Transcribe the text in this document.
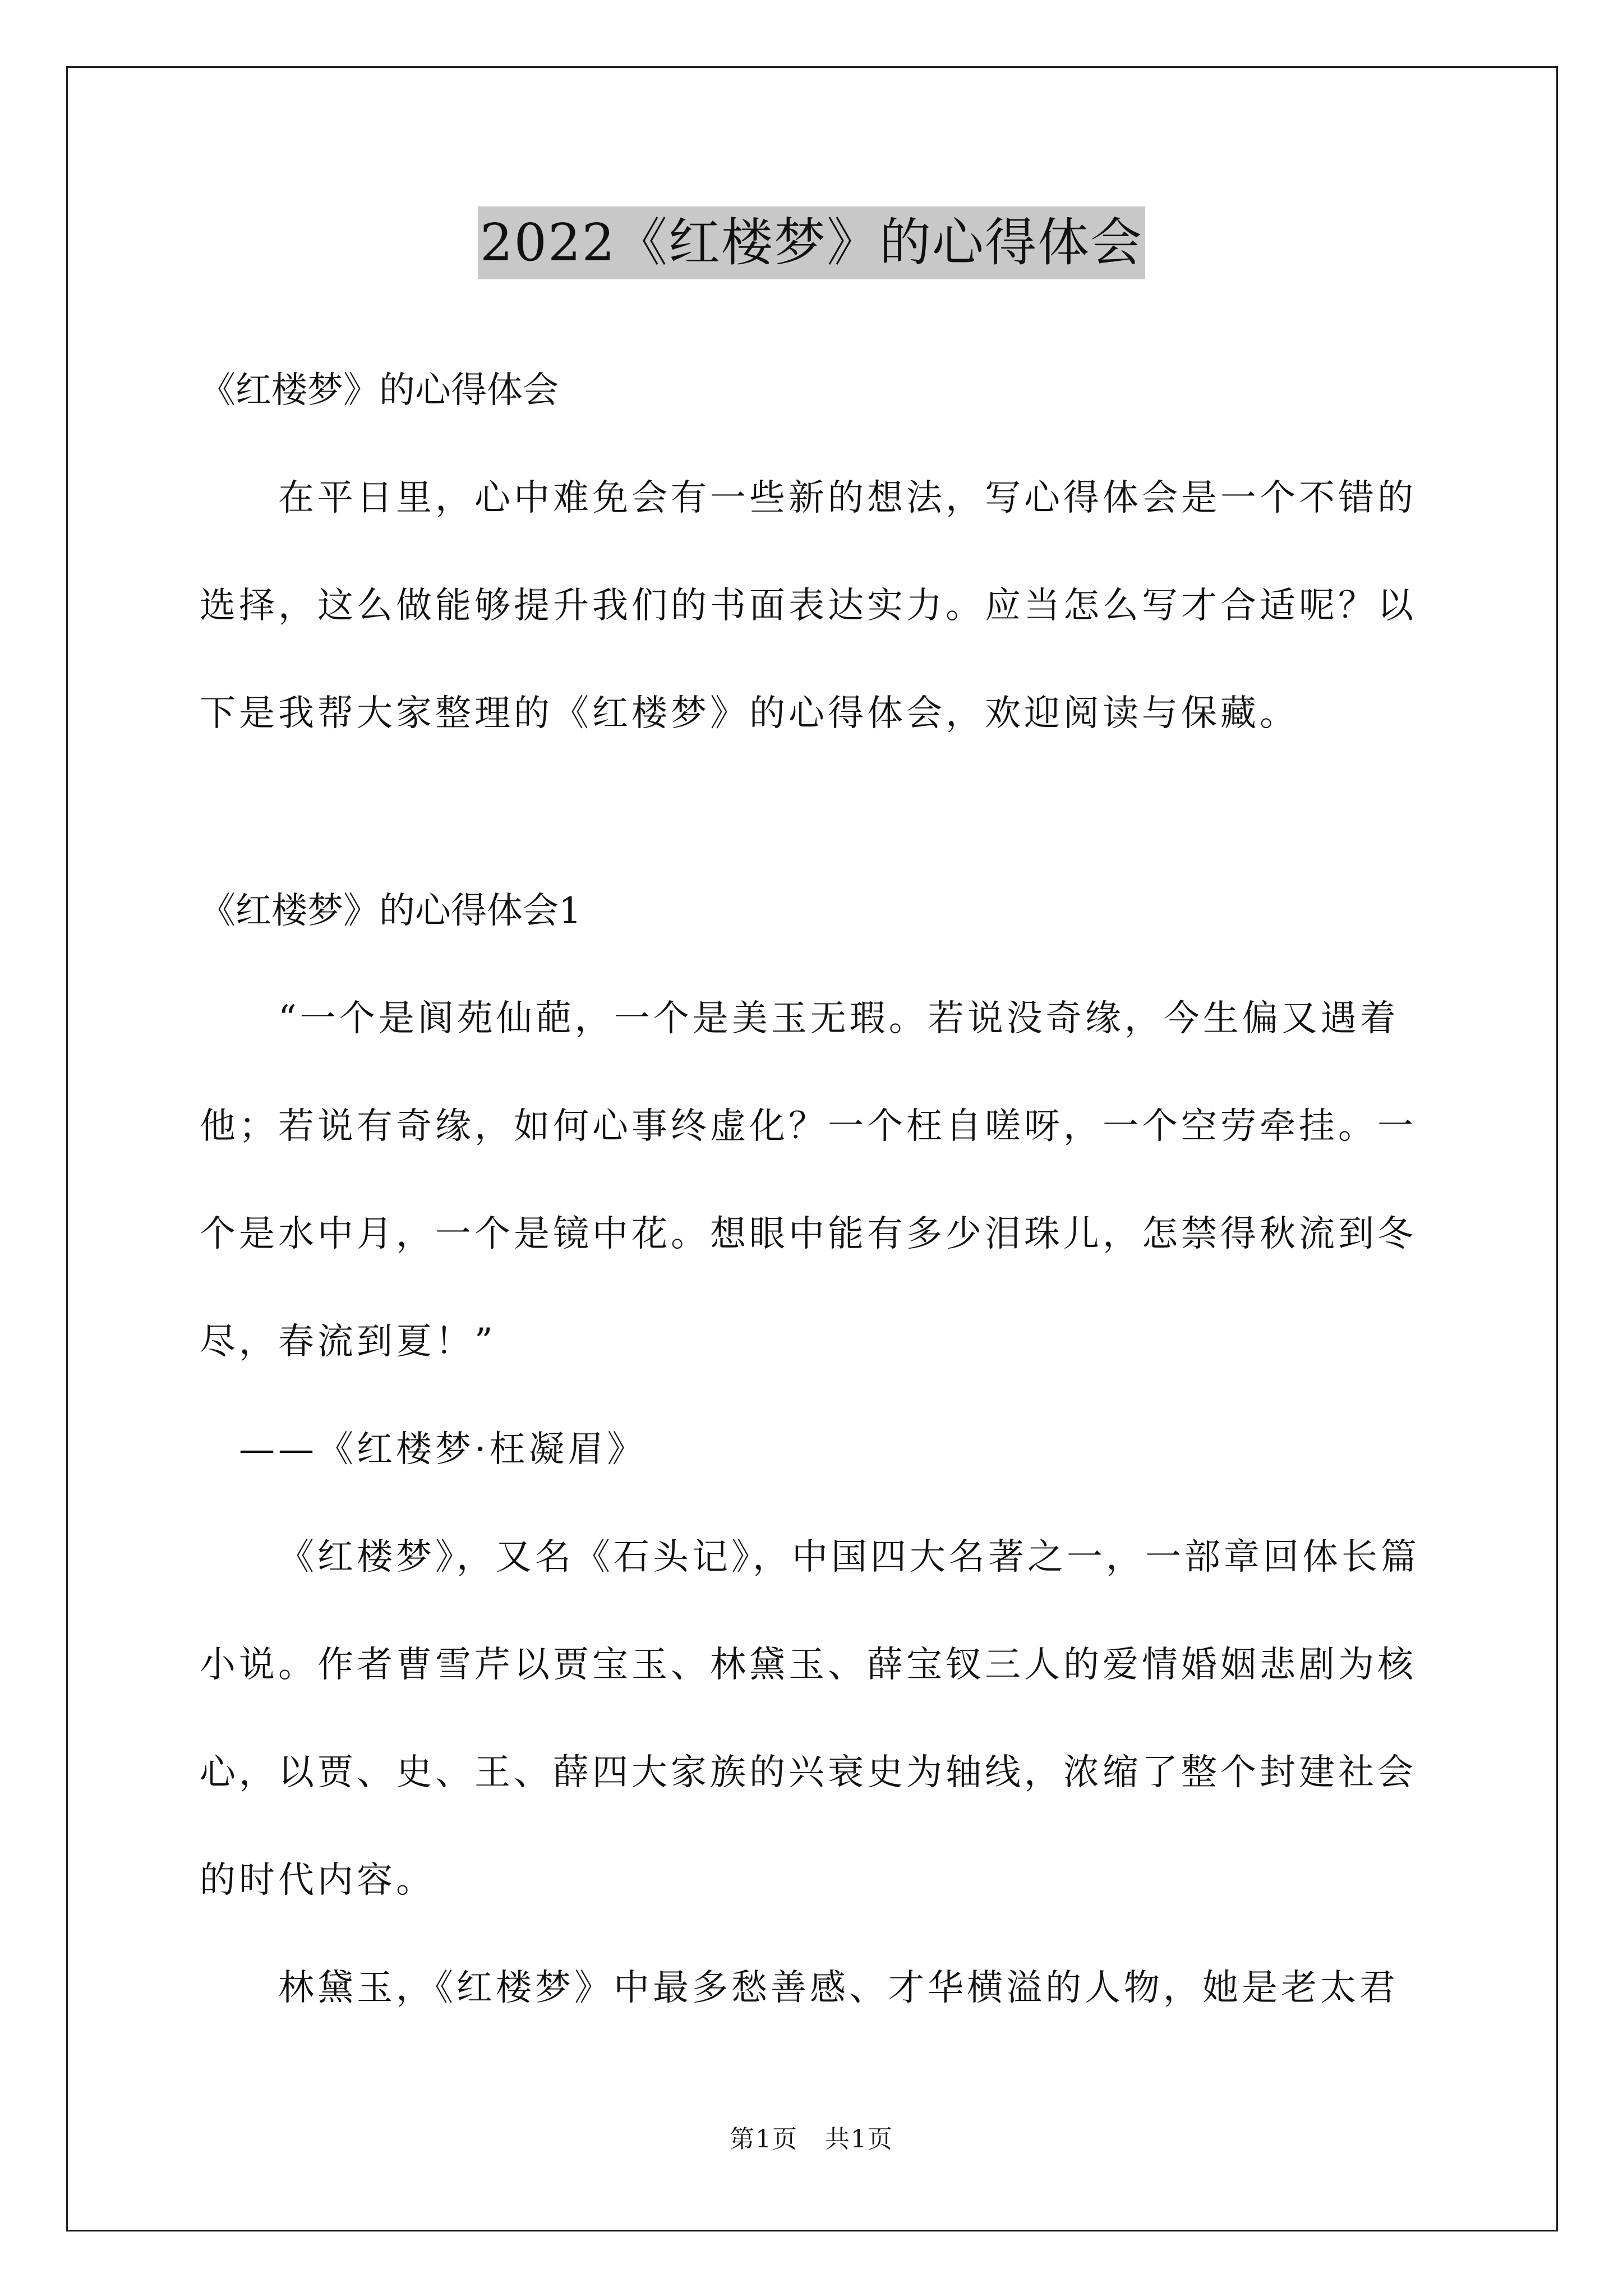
2022《红楼梦》的心得体会

《红楼梦》的心得体会

在平日里，心中难免会有一些新的想法，写心得体会是一个不错的选择，这么做能够提升我们的书面表达实力。应当怎么写才合适呢？以下是我帮大家整理的《红楼梦》的心得体会，欢迎阅读与保藏。

《红楼梦》的心得体会1

“一个是阆苑仙葩，一个是美玉无瑕。若说没奇缘，今生偏又遇着他；若说有奇缘，如何心事终虚化？一个枉自嗟呀，一个空劳牵挂。一个是水中月，一个是镜中花。想眼中能有多少泪珠儿，怎禁得秋流到冬尽，春流到夏！”

——《红楼梦·枉凝眉》

《红楼梦》，又名《石头记》，中国四大名著之一，一部章回体长篇小说。作者曹雪芹以贾宝玉、林黛玉、薛宝钗三人的爱情婚姻悲剧为核心，以贾、史、王、薛四大家族的兴衰史为轴线，浓缩了整个封建社会的时代内容。

林黛玉，《红楼梦》中最多愁善感、才华横溢的人物，她是老太君

第1页 共1页
